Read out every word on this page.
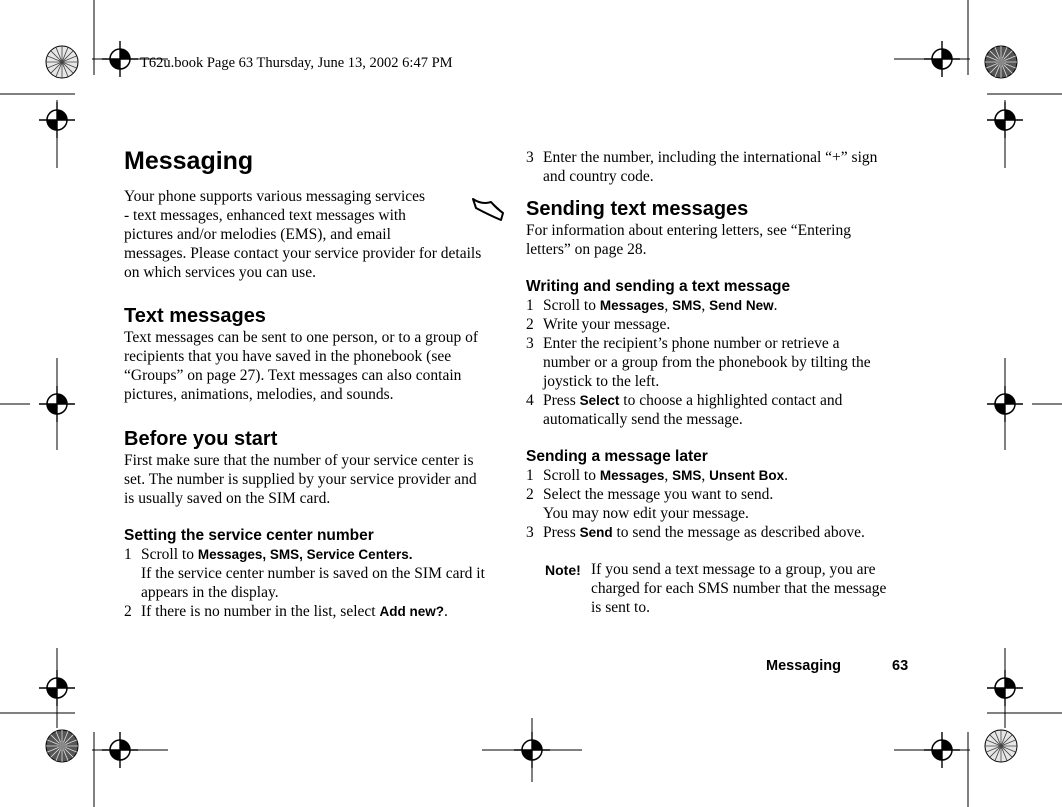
T62u.book Page 63 Thursday, June 13, 2002 6:47 PM
Messaging
Your phone supports various messaging services
- text messages, enhanced text messages with
pictures and/or melodies (EMS), and email
messages. Please contact your service provider for details
on which services you can use.
Text messages
Text messages can be sent to one person, or to a group of
recipients that you have saved in the phonebook (see
“Groups” on page 27). Text messages can also contain
pictures, animations, melodies, and sounds.
Before you start
First make sure that the number of your service center is
set. The number is supplied by your service provider and
is usually saved on the SIM card.
Setting the service center number
1 Scroll to Messages, SMS, Service Centers.
If the service center number is saved on the SIM card it
appears in the display.
2 If there is no number in the list, select Add new?.
3 Enter the number, including the international “+” sign
and country code.
Sending text messages
For information about entering letters, see “Entering
letters” on page 28.
Writing and sending a text message
1 Scroll to Messages, SMS, Send New.
2 Write your message.
3 Enter the recipient’s phone number or retrieve a
number or a group from the phonebook by tilting the
joystick to the left.
4 Press Select to choose a highlighted contact and
automatically send the message.
Sending a message later
1 Scroll to Messages, SMS, Unsent Box.
2 Select the message you want to send.
You may now edit your message.
3 Press Send to send the message as described above.
Note! If you send a text message to a group, you are
charged for each SMS number that the message
is sent to.
Messaging	63
